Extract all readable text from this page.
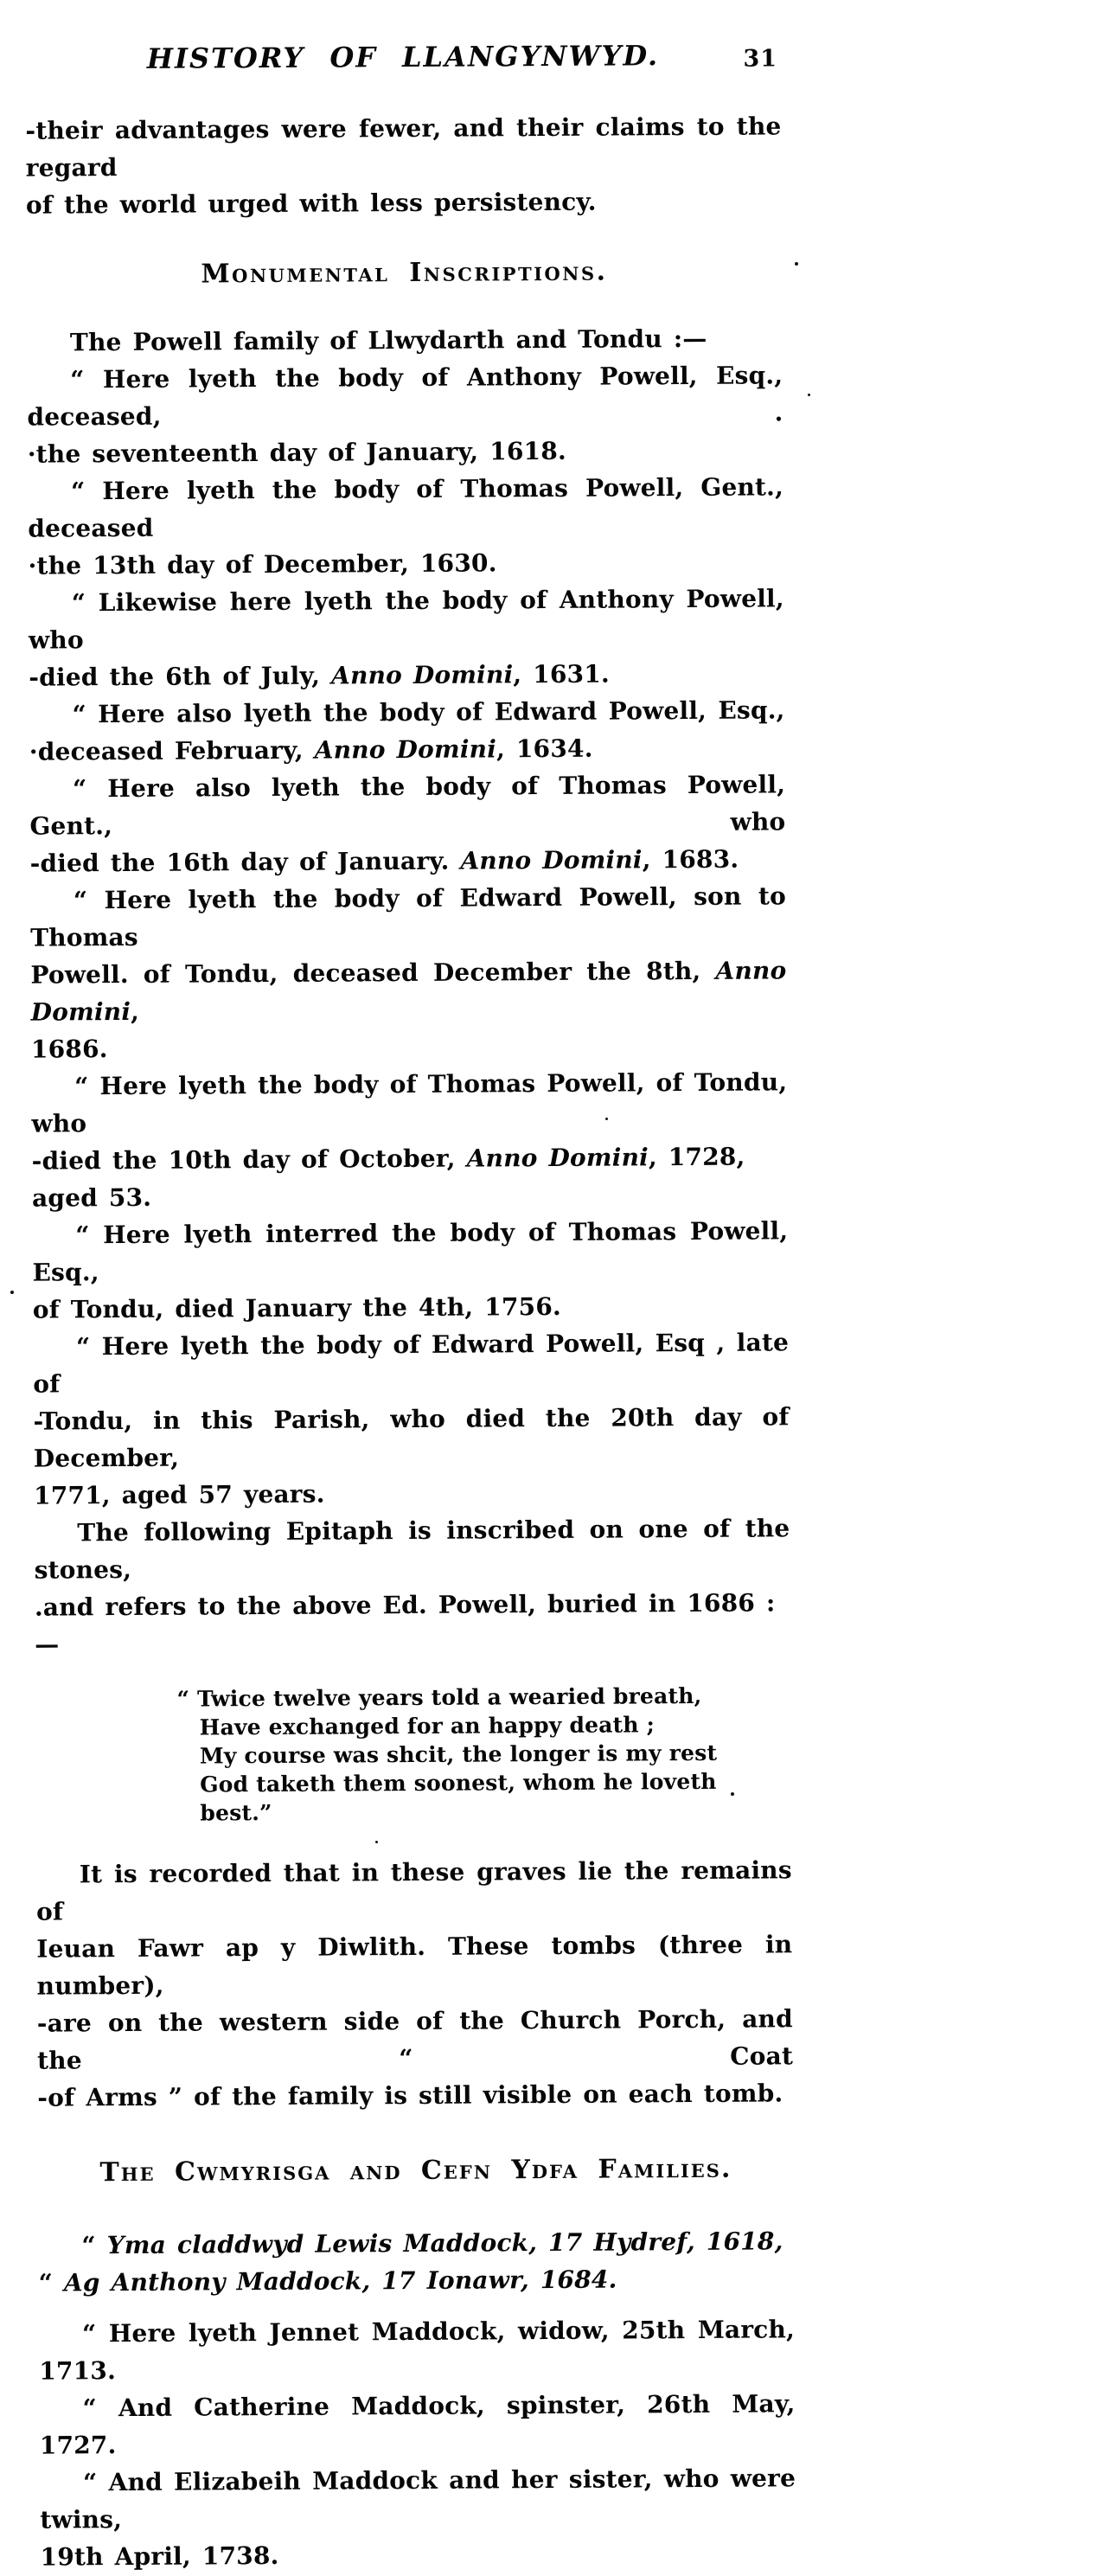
HISTORY OF LLANGYNWYD.	31
-their advantages were fewer, and their claims to the regard
of the world urged with less persistency.
Monumental Inscriptions.
The Powell family of Llwydarth and Tondu :—
“ Here lyeth the body of Anthony Powell, Esq., deceased, .
·the seventeenth day of January, 1618.
“ Here lyeth the body of Thomas Powell, Gent., deceased
·the 13th day of December, 1630.
“ Likewise here lyeth the body of Anthony Powell, who
-died the 6th of July, Anno Domini, 1631.
“ Here also lyeth the body of Edward Powell, Esq.,
·deceased February, Anno Domini, 1634.
“ Here also lyeth the body of Thomas Powell, Gent., who
-died the 16th day of January. Anno Domini, 1683.
“ Here lyeth the body of Edward Powell, son to Thomas
Powell. of Tondu, deceased December the 8th, Anno Domini,
1686.
“ Here lyeth the body of Thomas Powell, of Tondu, who
-died the 10th day of October, Anno Domini, 1728, aged 53.
“ Here lyeth interred the body of Thomas Powell, Esq.,
of Tondu, died January the 4th, 1756.
“ Here lyeth the body of Edward Powell, Esq , late of
-Tondu, in this Parish, who died the 20th day of December,
1771, aged 57 years.
The following Epitaph is inscribed on one of the stones,
.and refers to the above Ed. Powell, buried in 1686 :—
“ Twice twelve years told a wearied breath,
Have exchanged for an happy death ;
My course was shcit, the longer is my rest
God taketh them soonest, whom he loveth best.”
It is recorded that in these graves lie the remains of
Ieuan Fawr ap y Diwlith. These tombs (three in number),
-are on the western side of the Church Porch, and the “ Coat
-of Arms ” of the family is still visible on each tomb.
The Cwmyrisga and Cefn Ydfa Families.
“ Yma claddwyd Lewis Maddock, 17 Hydref, 1618,
“ Ag Anthony Maddock, 17 Ionawr, 1684.
“ Here lyeth Jennet Maddock, widow, 25th March, 1713.
“ And Catherine Maddock, spinster, 26th May, 1727.
“ And Elizabeih Maddock and her sister, who were twins,
19th April, 1738.
